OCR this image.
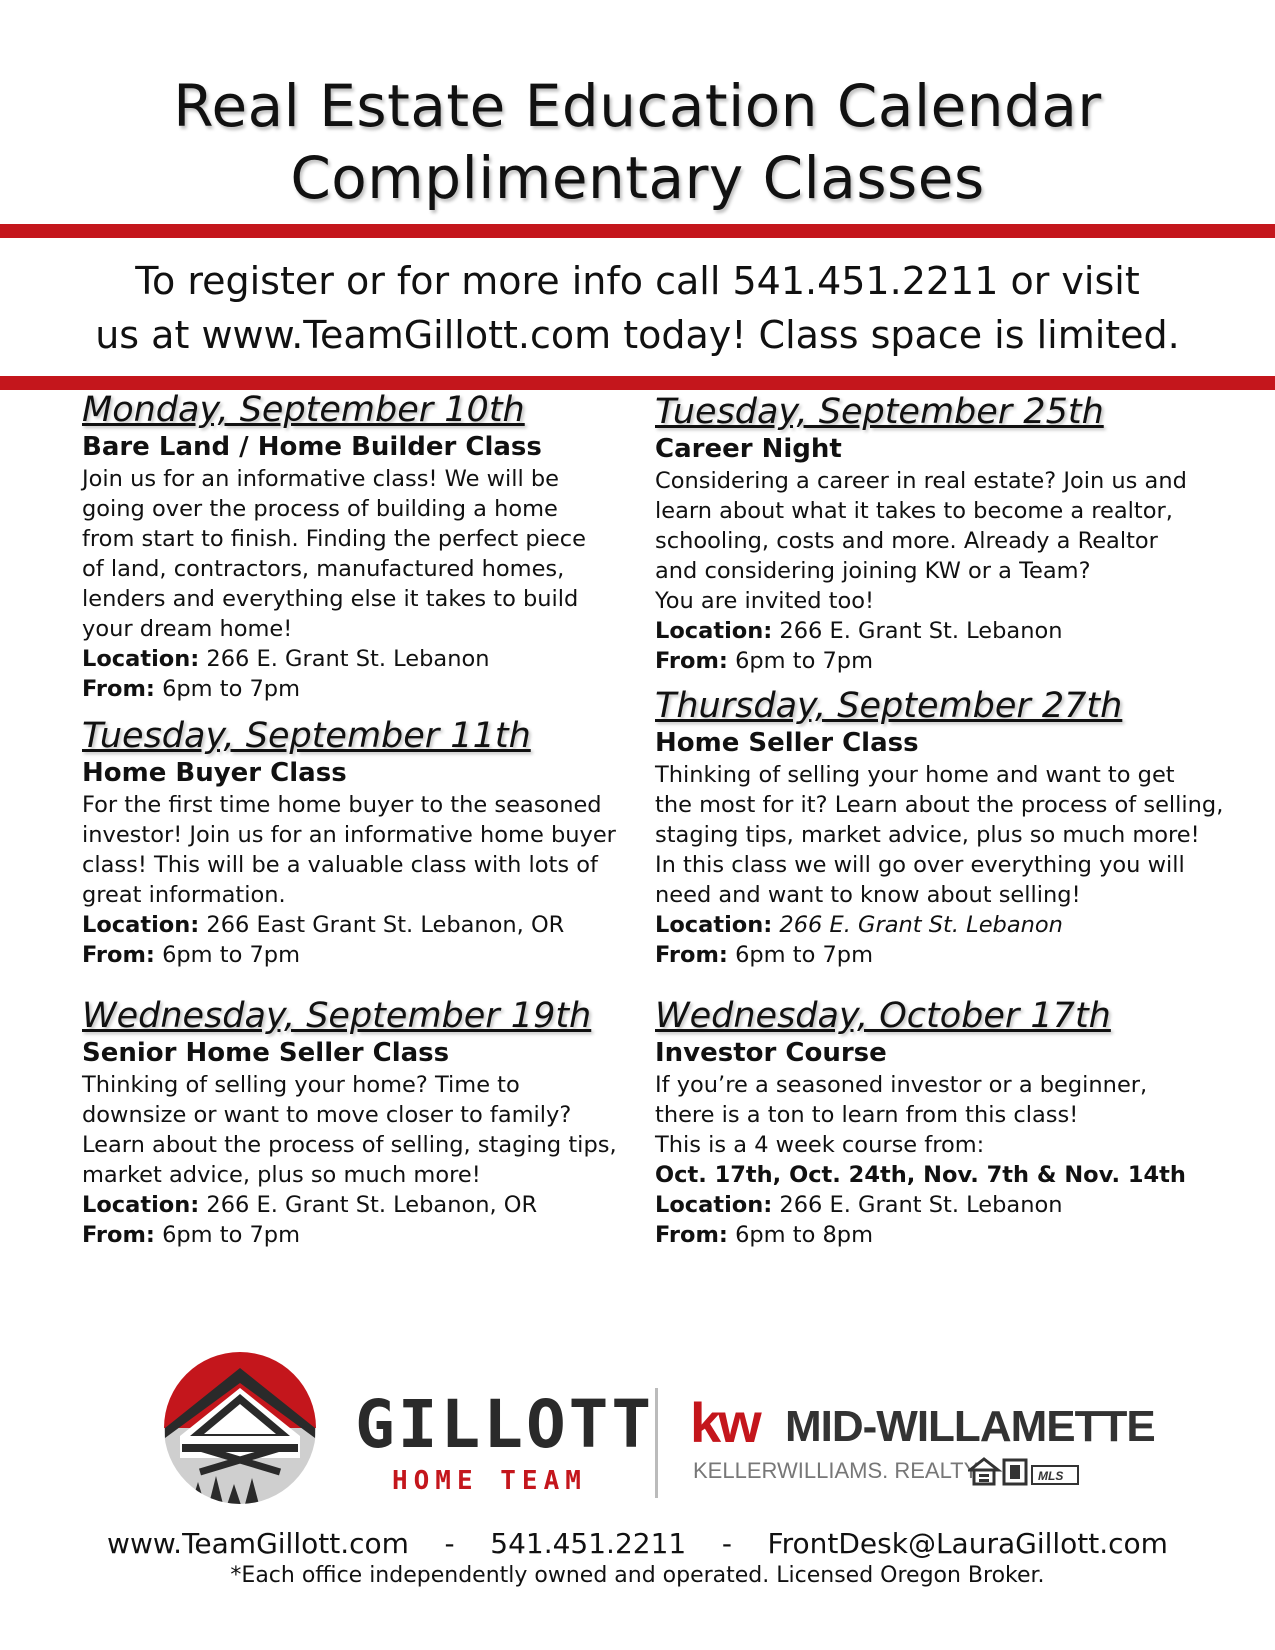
Real Estate Education Calendar
Complimentary Classes
To register or for more info call 541.451.2211 or visit
us at www.TeamGillott.com today! Class space is limited.
Monday, September 10th
Bare Land / Home Builder Class
Join us for an informative class! We will be
going over the process of building a home
from start to finish. Finding the perfect piece
of land, contractors, manufactured homes,
lenders and everything else it takes to build
your dream home!
Location: 266 E. Grant St. Lebanon
From: 6pm to 7pm
Tuesday, September 11th
Home Buyer Class
For the first time home buyer to the seasoned
investor! Join us for an informative home buyer
class! This will be a valuable class with lots of
great information.
Location: 266 East Grant St. Lebanon, OR
From: 6pm to 7pm
Wednesday, September 19th
Senior Home Seller Class
Thinking of selling your home? Time to
downsize or want to move closer to family?
Learn about the process of selling, staging tips,
market advice, plus so much more!
Location: 266 E. Grant St. Lebanon, OR
From: 6pm to 7pm
Tuesday, September 25th
Career Night
Considering a career in real estate? Join us and
learn about what it takes to become a realtor,
schooling, costs and more. Already a Realtor
and considering joining KW or a Team?
You are invited too!
Location: 266 E. Grant St. Lebanon
From: 6pm to 7pm
Thursday, September 27th
Home Seller Class
Thinking of selling your home and want to get
the most for it? Learn about the process of selling,
staging tips, market advice, plus so much more!
In this class we will go over everything you will
need and want to know about selling!
Location: 266 E. Grant St. Lebanon
From: 6pm to 7pm
Wednesday, October 17th
Investor Course
If you’re a seasoned investor or a beginner,
there is a ton to learn from this class!
This is a 4 week course from:
Oct. 17th, Oct. 24th, Nov. 7th & Nov. 14th
Location: 266 E. Grant St. Lebanon
From: 6pm to 8pm
GILLOTT
HOME TEAM
kw MID-WILLAMETTE
KELLERWILLIAMS. REALTY	MLS
www.TeamGillott.com - 541.451.2211 - FrontDesk@LauraGillott.com
*Each office independently owned and operated. Licensed Oregon Broker.
